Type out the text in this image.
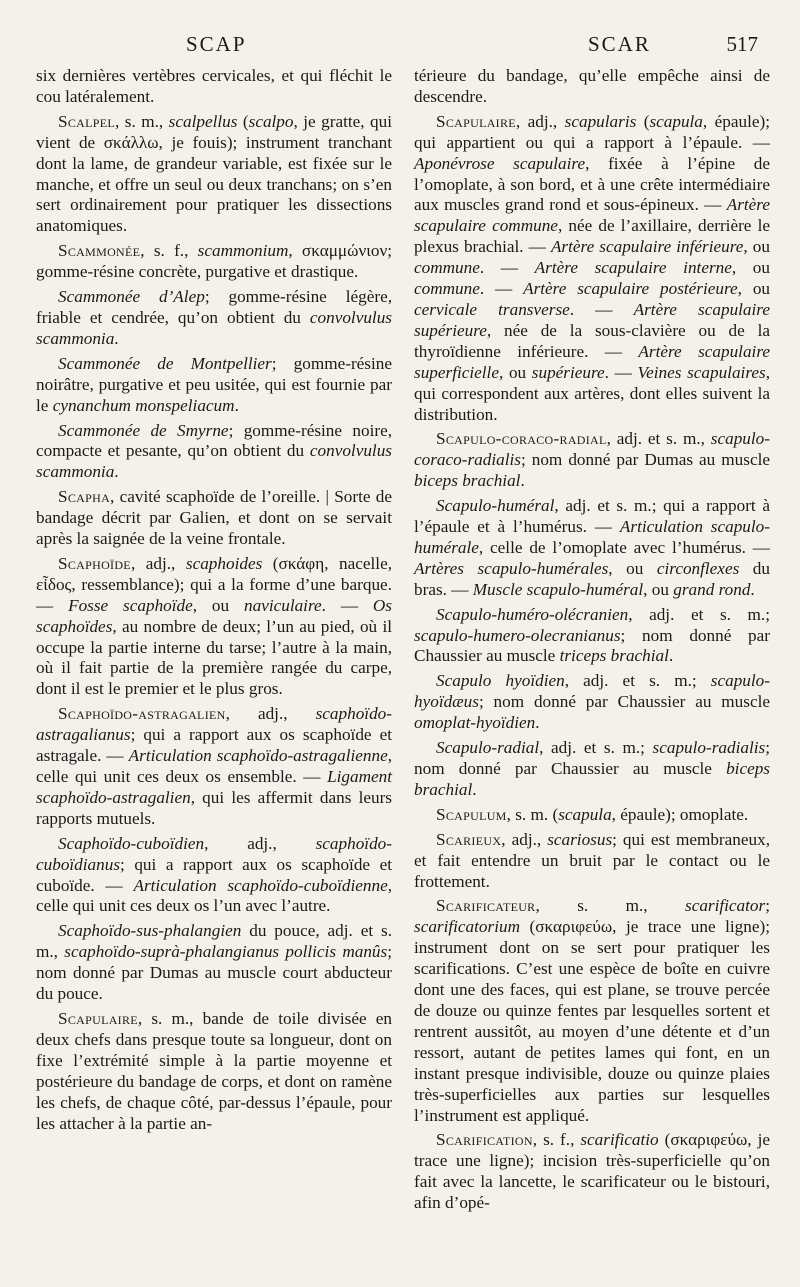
SCAP	SCAR	517

six dernières vertèbres cervicales, et qui fléchit le cou latéralement.

Scalpel, s. m., scalpellus (scalpo, je gratte, qui vient de σκάλλω, je fouis); instrument tranchant dont la lame, de grandeur variable, est fixée sur le manche, et offre un seul ou deux tranchans; on s’en sert ordinairement pour pratiquer les dissections anatomiques.

Scammonée, s. f., scammonium, σκαμμώνιον; gomme-résine concrète, purgative et drastique.

Scammonée d’Alep; gomme-résine légère, friable et cendrée, qu’on obtient du convolvulus scammonia.

Scammonée de Montpellier; gomme-résine noirâtre, purgative et peu usitée, qui est fournie par le cynanchum monspeliacum.

Scammonée de Smyrne; gomme-résine noire, compacte et pesante, qu’on obtient du convolvulus scammonia.

Scapha, cavité scaphoïde de l’oreille. | Sorte de bandage décrit par Galien, et dont on se servait après la saignée de la veine frontale.

Scaphoïde, adj., scaphoides (σκάφη, nacelle, εἶδος, ressemblance); qui a la forme d’une barque. — Fosse scaphoïde, ou naviculaire. — Os scaphoïdes, au nombre de deux; l’un au pied, où il occupe la partie interne du tarse; l’autre à la main, où il fait partie de la première rangée du carpe, dont il est le premier et le plus gros.

Scaphoïdo-astragalien, adj., scaphoïdo-astragalianus; qui a rapport aux os scaphoïde et astragale. — Articulation scaphoïdo-astragalienne, celle qui unit ces deux os ensemble. — Ligament scaphoïdo-astragalien, qui les affermit dans leurs rapports mutuels.

Scaphoïdo-cuboïdien, adj., scaphoïdo-cuboïdianus; qui a rapport aux os scaphoïde et cuboïde. — Articulation scaphoïdo-cuboïdienne, celle qui unit ces deux os l’un avec l’autre.

Scaphoïdo-sus-phalangien du pouce, adj. et s. m., scaphoïdo-suprà-phalangianus pollicis manûs; nom donné par Dumas au muscle court abducteur du pouce.

Scapulaire, s. m., bande de toile divisée en deux chefs dans presque toute sa longueur, dont on fixe l’extrémité simple à la partie moyenne et postérieure du bandage de corps, et dont on ramène les chefs, de chaque côté, par-dessus l’épaule, pour les attacher à la partie an-

térieure du bandage, qu’elle empêche ainsi de descendre.

Scapulaire, adj., scapularis (scapula, épaule); qui appartient ou qui a rapport à l’épaule. — Aponévrose scapulaire, fixée à l’épine de l’omoplate, à son bord, et à une crête intermédiaire aux muscles grand rond et sous-épineux. — Artère scapulaire commune, née de l’axillaire, derrière le plexus brachial. — Artère scapulaire inférieure, ou commune. — Artère scapulaire interne, ou commune. — Artère scapulaire postérieure, ou cervicale transverse. — Artère scapulaire supérieure, née de la sous-clavière ou de la thyroïdienne inférieure. — Artère scapulaire superficielle, ou supérieure. — Veines scapulaires, qui correspondent aux artères, dont elles suivent la distribution.

Scapulo-coraco-radial, adj. et s. m., scapulo-coraco-radialis; nom donné par Dumas au muscle biceps brachial.

Scapulo-huméral, adj. et s. m.; qui a rapport à l’épaule et à l’humérus. — Articulation scapulo-humérale, celle de l’omoplate avec l’humérus. — Artères scapulo-humérales, ou circonflexes du bras. — Muscle scapulo-huméral, ou grand rond.

Scapulo-huméro-olécranien, adj. et s. m.; scapulo-humero-olecranianus; nom donné par Chaussier au muscle triceps brachial.

Scapulo hyoïdien, adj. et s. m.; scapulo-hyoïdæus; nom donné par Chaussier au muscle omoplat-hyoïdien.

Scapulo-radial, adj. et s. m.; scapulo-radialis; nom donné par Chaussier au muscle biceps brachial.

Scapulum, s. m. (scapula, épaule); omoplate.

Scarieux, adj., scariosus; qui est membraneux, et fait entendre un bruit par le contact ou le frottement.

Scarificateur, s. m., scarificator; scarificatorium (σκαριφεύω, je trace une ligne); instrument dont on se sert pour pratiquer les scarifications. C’est une espèce de boîte en cuivre dont une des faces, qui est plane, se trouve percée de douze ou quinze fentes par lesquelles sortent et rentrent aussitôt, au moyen d’une détente et d’un ressort, autant de petites lames qui font, en un instant presque indivisible, douze ou quinze plaies très-superficielles aux parties sur lesquelles l’instrument est appliqué.

Scarification, s. f., scarificatio (σκαριφεύω, je trace une ligne); incision très-superficielle qu’on fait avec la lancette, le scarificateur ou le bistouri, afin d’opé-
